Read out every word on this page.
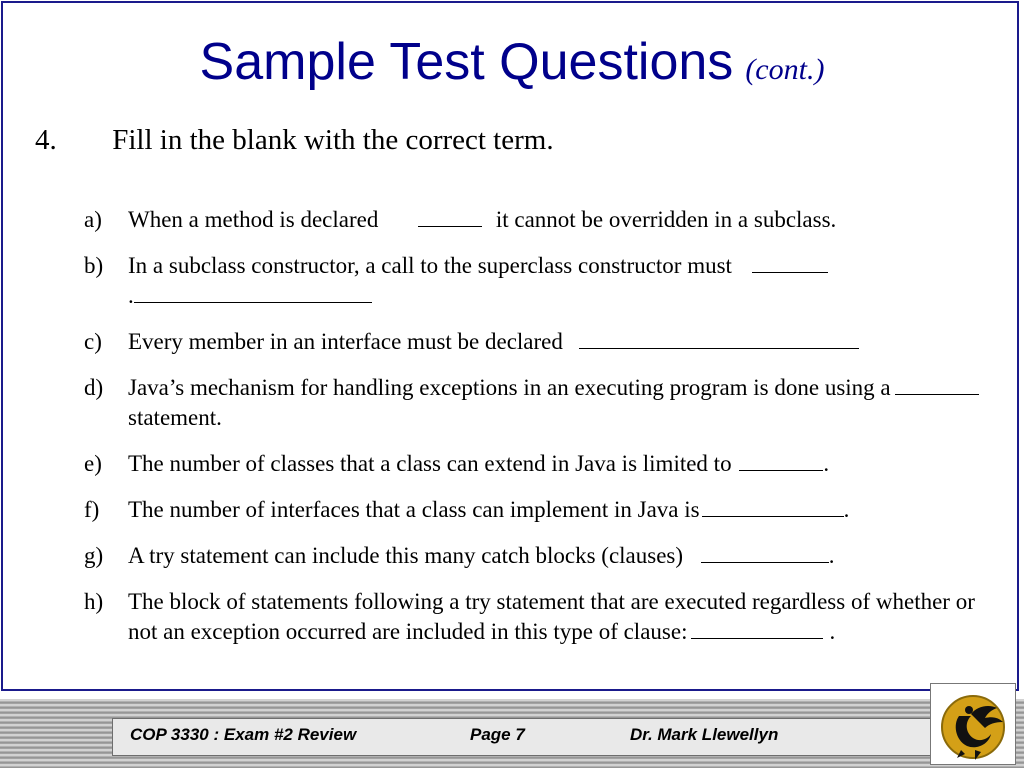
Sample Test Questions (cont.)
4. Fill in the blank with the correct term.
a)	When a method is declared	it cannot be overridden in a subclass.
b)	In a subclass constructor, a call to the superclass constructor must
.
c)	Every member in an interface must be declared
d)	Java’s mechanism for handling exceptions in an executing program is done using astatement.
e)	The number of classes that a class can extend in Java is limited to	.
f)	The number of interfaces that a class can implement in Java is	.
g)	A try statement can include this many catch blocks (clauses)	.
h)	The block of statements following a try statement that are executed regardless of whether or not an exception occurred are included in this type of clause:	.
COP 3330 : Exam #2 Review	Page 7	Dr. Mark Llewellyn
